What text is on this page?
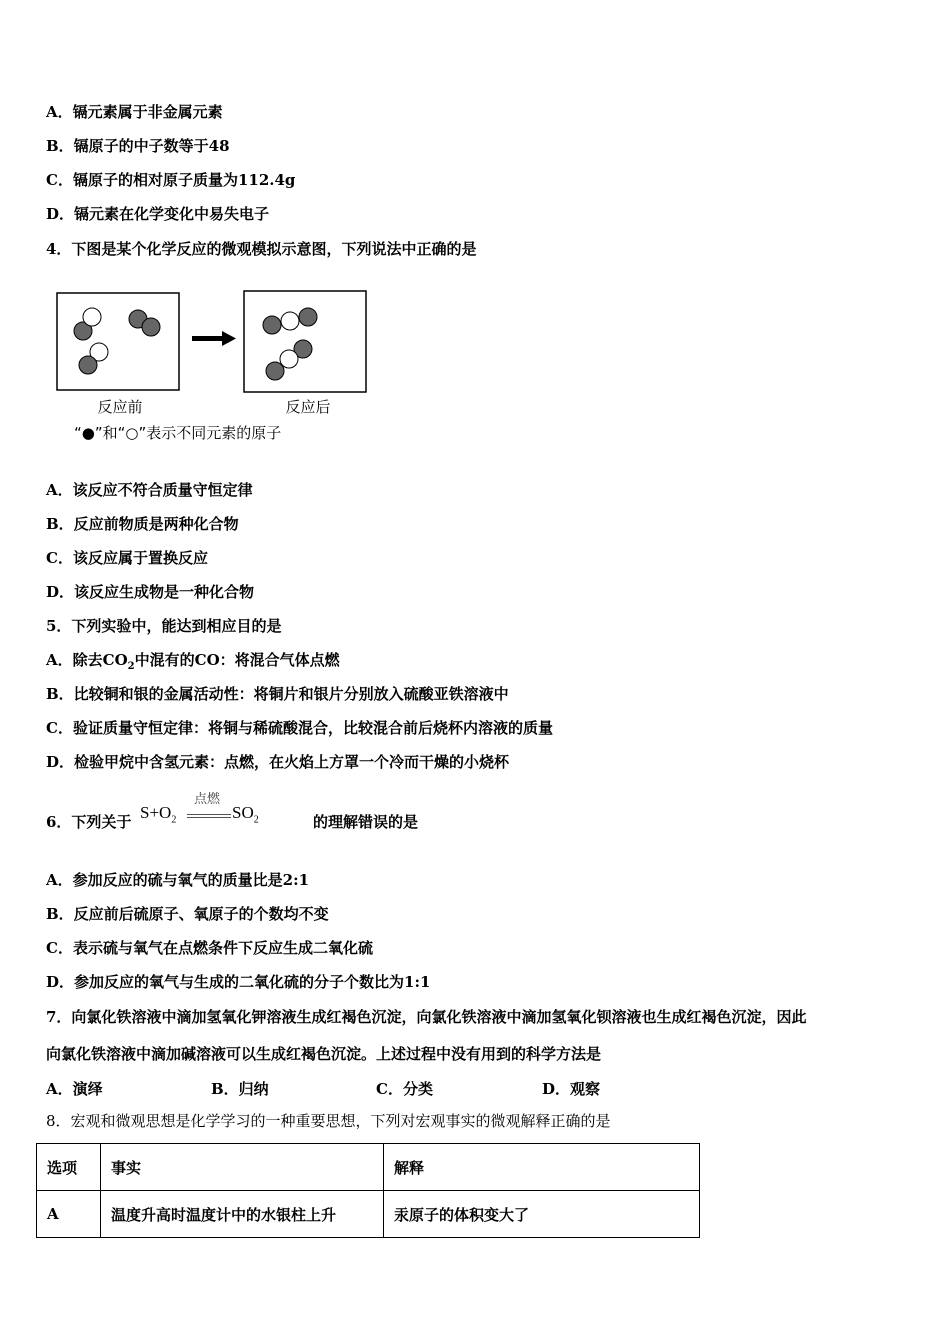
A．镉元素属于非金属元素
B．镉原子的中子数等于48
C．镉原子的相对原子质量为112.4g
D．镉元素在化学变化中易失电子
4．下图是某个化学反应的微观模拟示意图，下列说法中正确的是
反应前	反应后
“●”和“○”表示不同元素的原子
A．该反应不符合质量守恒定律
B．反应前物质是两种化合物
C．该反应属于置换反应
D．该反应生成物是一种化合物
5．下列实验中，能达到相应目的是
A．除去$CO_2$中混有的CO：将混合气体点燃
B．比较铜和银的金属活动性：将铜片和银片分别放入硫酸亚铁溶液中
C．验证质量守恒定律：将铜与稀硫酸混合，比较混合前后烧杯内溶液的质量
D．检验甲烷中含氢元素：点燃，在火焰上方罩一个冷而干燥的小烧杯
6．下列关于 $S+O_2$
点燃
$SO_2$	的理解错误的是
A．参加反应的硫与氧气的质量比是2:1
B．反应前后硫原子、氧原子的个数均不变
C．表示硫与氧气在点燃条件下反应生成二氧化硫
D．参加反应的氧气与生成的二氧化硫的分子个数比为1:1
7．向氯化铁溶液中滴加氢氧化钾溶液生成红褐色沉淀，向氯化铁溶液中滴加氢氧化钡溶液也生成红褐色沉淀，因此
向氯化铁溶液中滴加碱溶液可以生成红褐色沉淀。上述过程中没有用到的科学方法是
A．演绎	B．归纳	C．分类	D．观察
8．宏观和微观思想是化学学习的一种重要思想，下列对宏观事实的微观解释正确的是
选项	事实	解释
A	温度升高时温度计中的水银柱上升	汞原子的体积变大了
